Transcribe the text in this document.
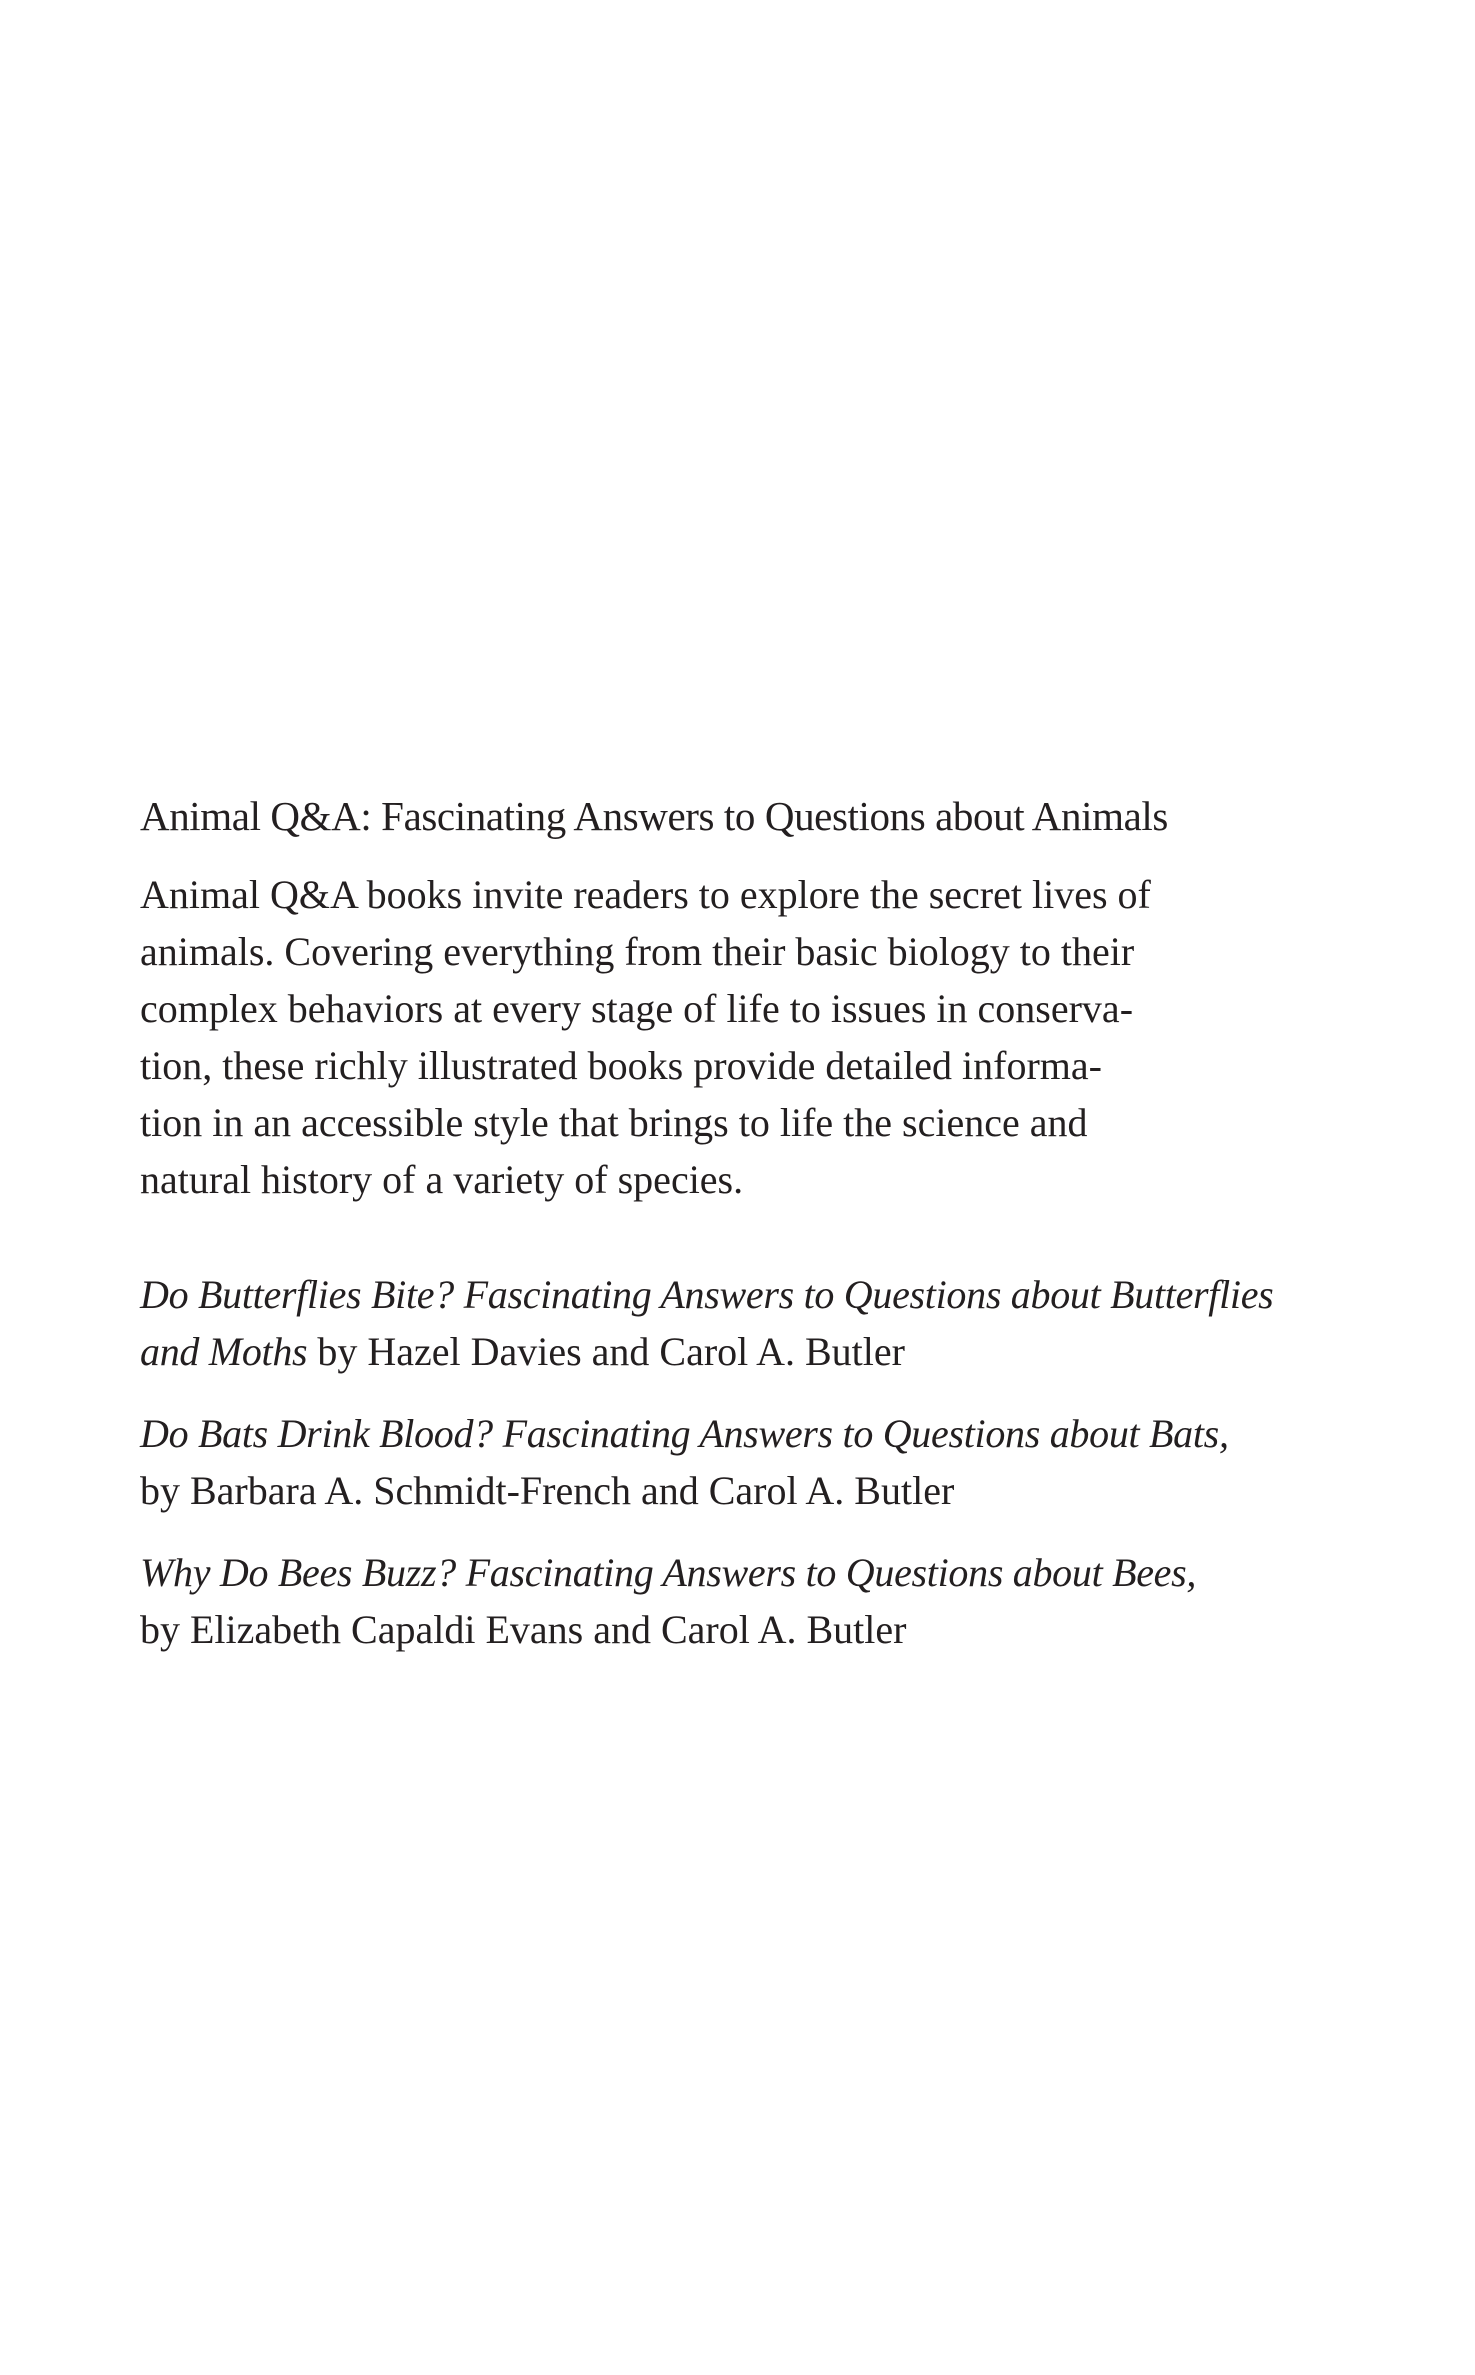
Animal Q&A: Fascinating Answers to Questions about Animals

Animal Q&A books invite readers to explore the secret lives of
animals. Covering everything from their basic biology to their
complex behaviors at every stage of life to issues in conserva-
tion, these richly illustrated books provide detailed informa-
tion in an accessible style that brings to life the science and
natural history of a variety of species.

Do Butterflies Bite? Fascinating Answers to Questions about Butterflies
and Moths by Hazel Davies and Carol A. Butler
Do Bats Drink Blood? Fascinating Answers to Questions about Bats,
by Barbara A. Schmidt-French and Carol A. Butler
Why Do Bees Buzz? Fascinating Answers to Questions about Bees,
by Elizabeth Capaldi Evans and Carol A. Butler
